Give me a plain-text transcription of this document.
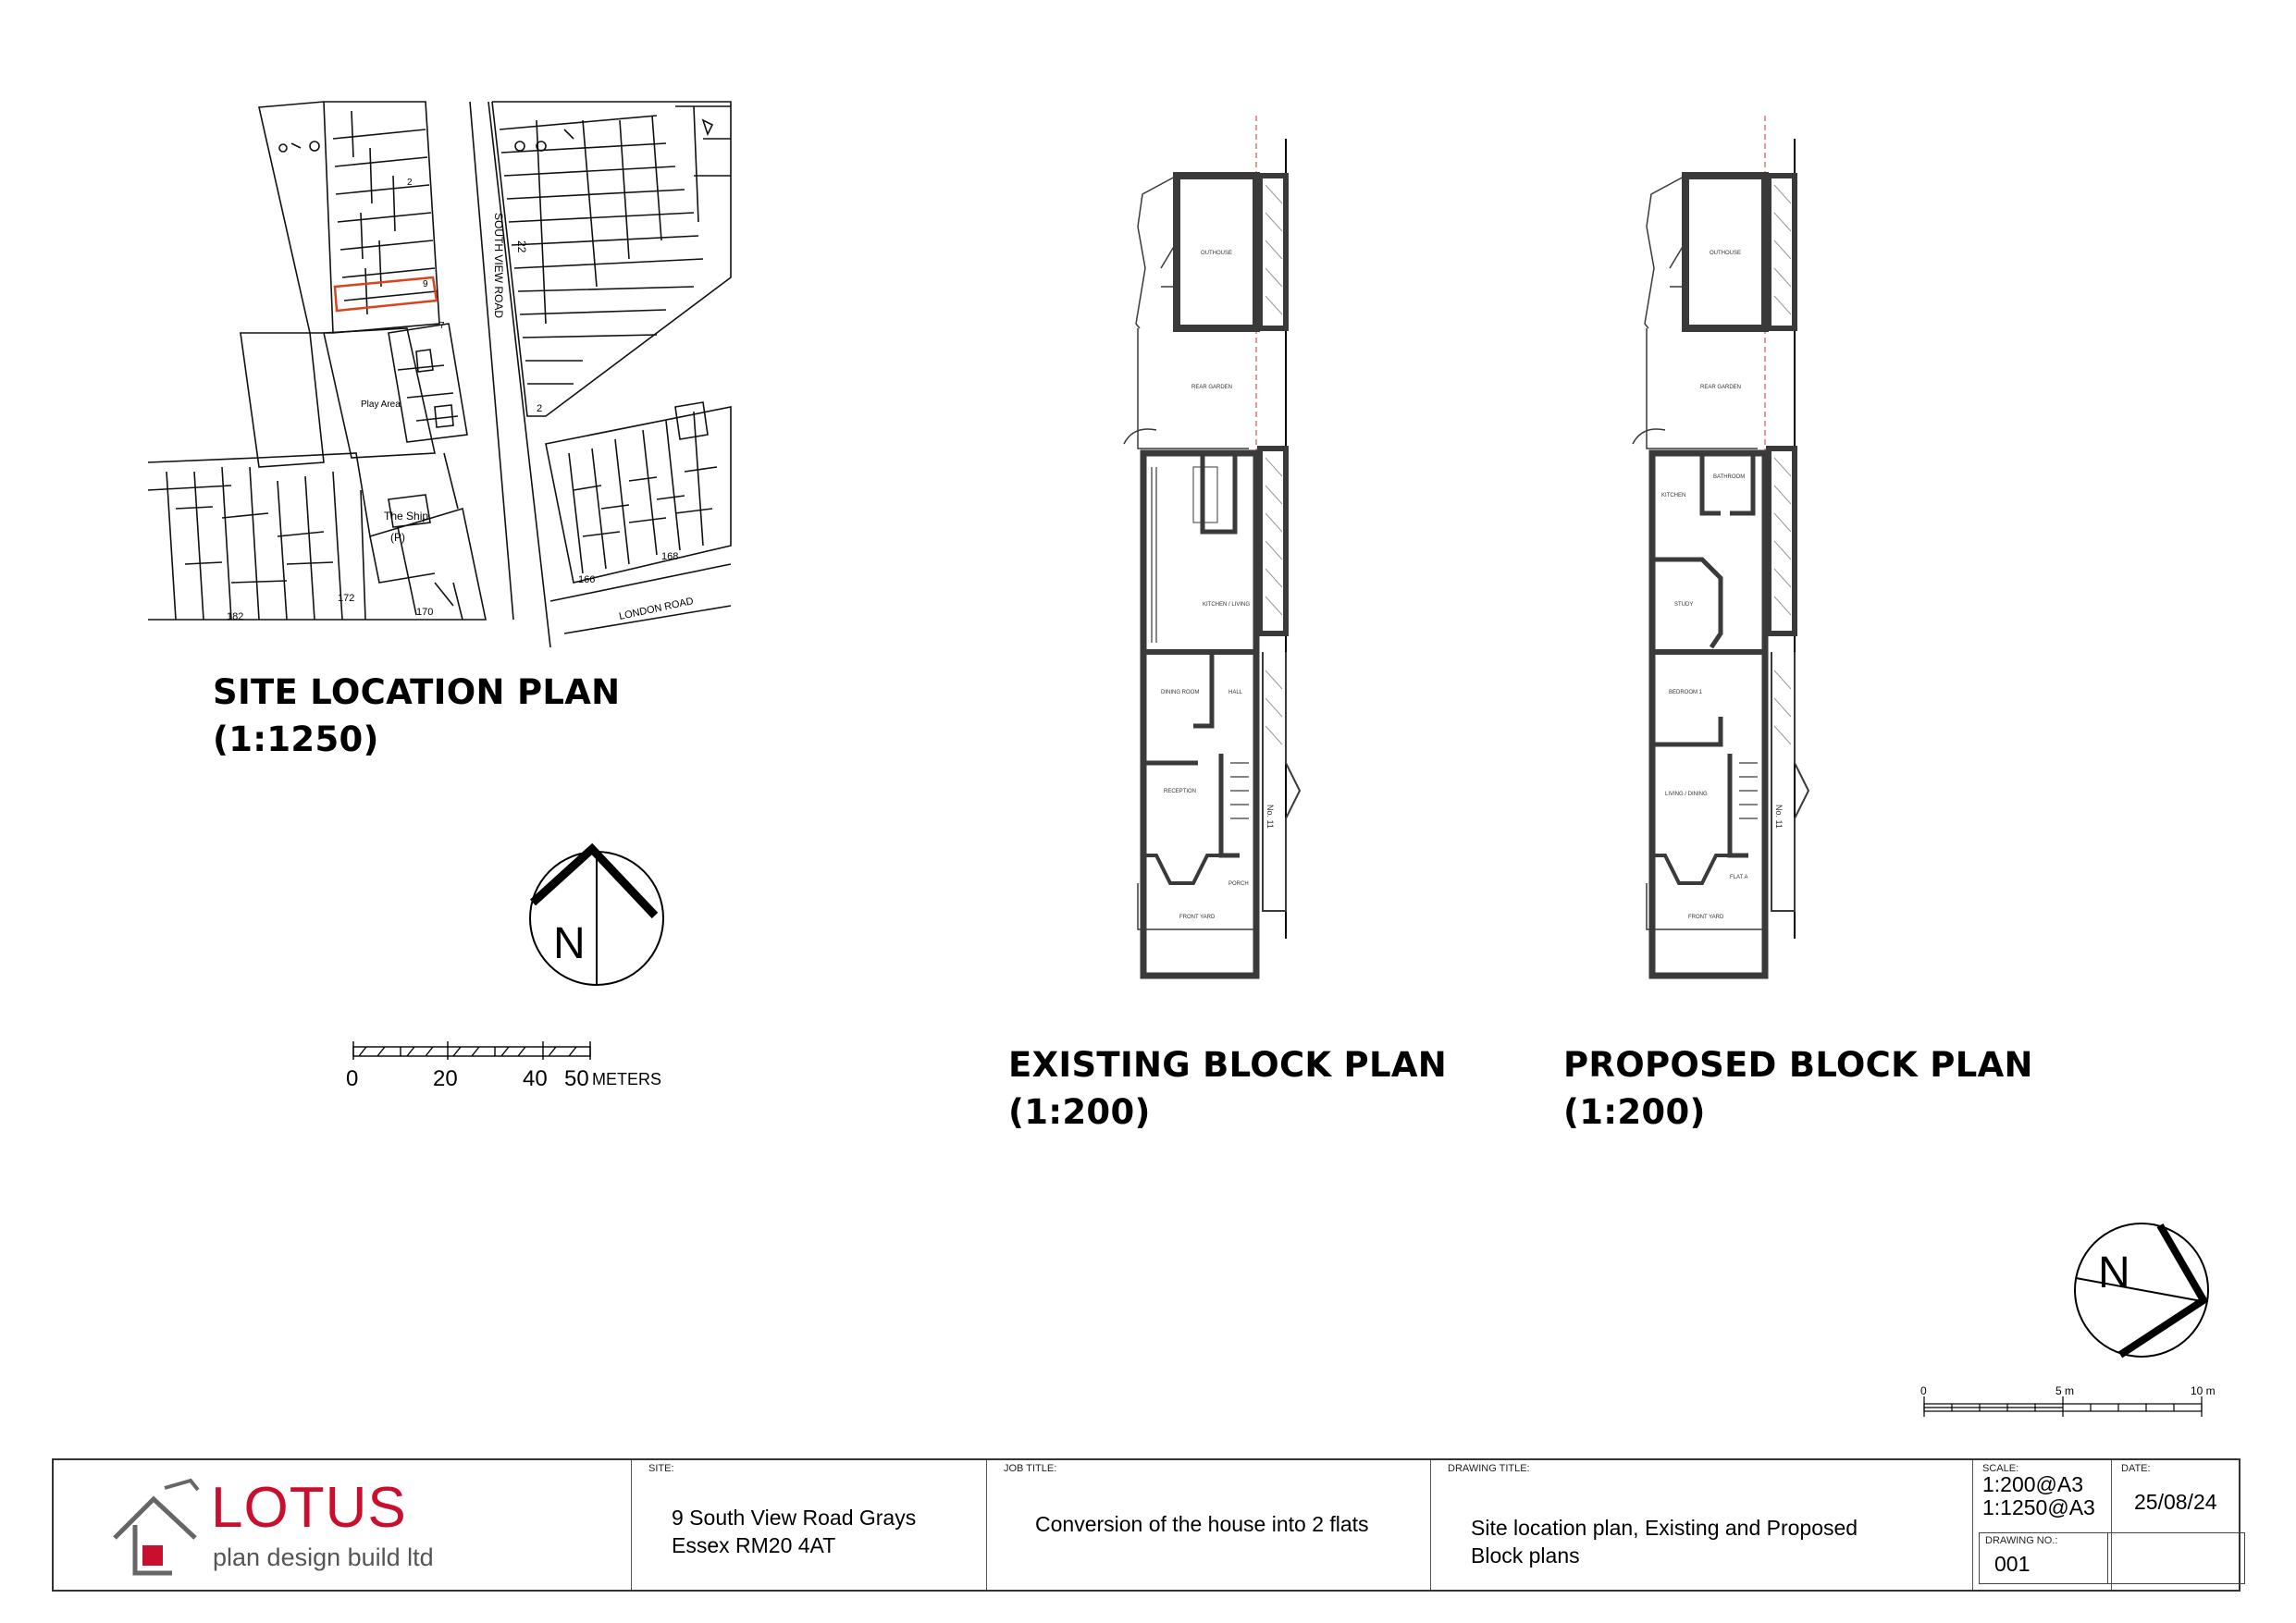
9
7
2
Play Area
The Ship
(P)
182
172
170
166
168
22
2
SOUTH VIEW ROAD
LONDON ROAD
SITE LOCATION PLAN
(1:1250)
N
0	20	40 50 METERS
OUTHOUSE
REAR GARDEN
KITCHEN / LIVING
DINING ROOM	HALL
RECEPTION
FRONT YARD
PORCH
No. 11
EXISTING BLOCK PLAN
(1:200)
OUTHOUSE
REAR GARDEN
KITCHEN
BATHROOM
STUDY
BEDROOM 1
LIVING / DINING
FLAT A
FRONT YARD
No. 11
PROPOSED BLOCK PLAN
(1:200)
N
0	5 m	10 m
LOTUS
plan design build ltd
SITE:
9 South View Road Grays
Essex RM20 4AT
JOB TITLE:
Conversion of the house into 2 flats
DRAWING TITLE:
Site location plan, Existing and Proposed
Block plans
SCALE:
1:200@A3
1:1250@A3
DRAWING NO.:
001
DATE:
25/08/24
